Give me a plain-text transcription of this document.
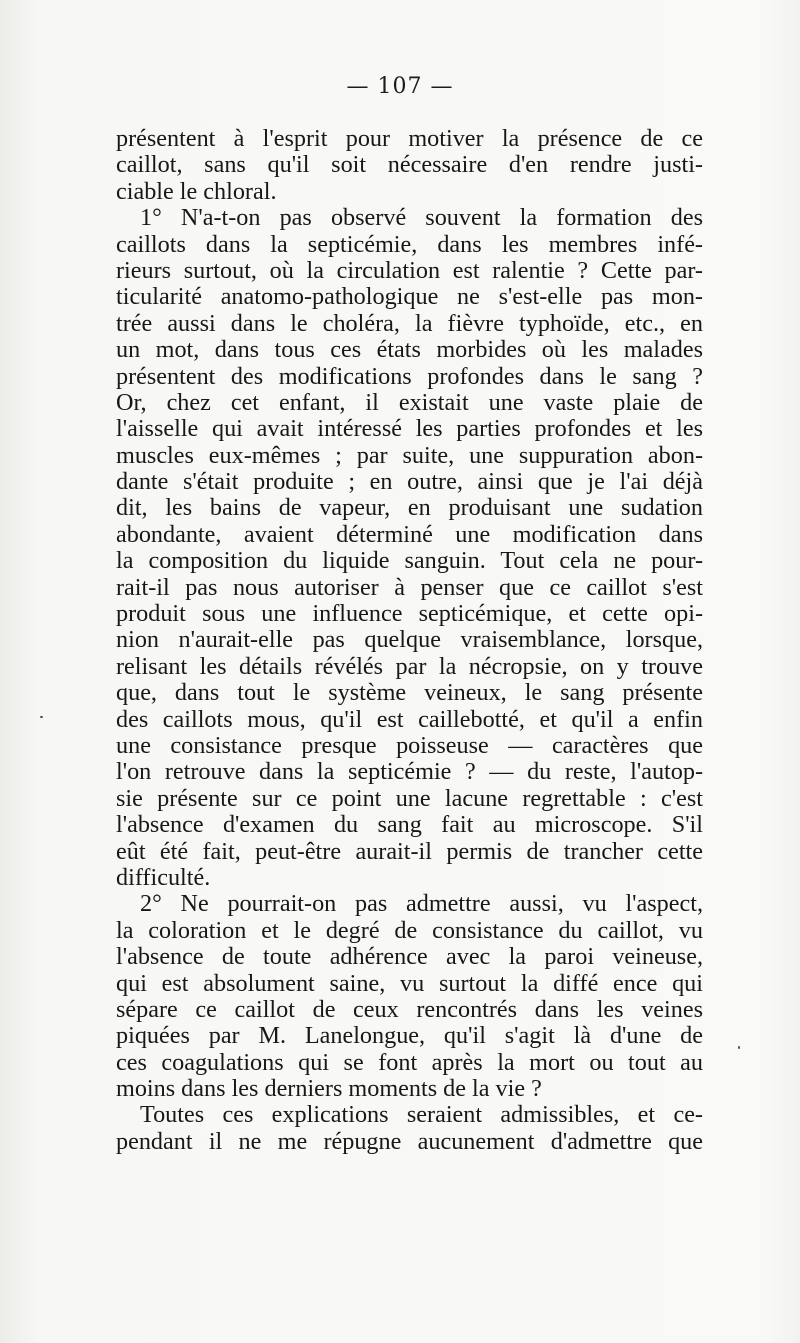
— 107 —
présentent à l'esprit pour motiver la présence de ce
caillot, sans qu'il soit nécessaire d'en rendre justi-
ciable le chloral.
1° N'a-t-on pas observé souvent la formation des
caillots dans la septicémie, dans les membres infé-
rieurs surtout, où la circulation est ralentie ? Cette par-
ticularité anatomo-pathologique ne s'est-elle pas mon-
trée aussi dans le choléra, la fièvre typhoïde, etc., en
un mot, dans tous ces états morbides où les malades
présentent des modifications profondes dans le sang ?
Or, chez cet enfant, il existait une vaste plaie de
l'aisselle qui avait intéressé les parties profondes et les
muscles eux-mêmes ; par suite, une suppuration abon-
dante s'était produite ; en outre, ainsi que je l'ai déjà
dit, les bains de vapeur, en produisant une sudation
abondante, avaient déterminé une modification dans
la composition du liquide sanguin. Tout cela ne pour-
rait-il pas nous autoriser à penser que ce caillot s'est
produit sous une influence septicémique, et cette opi-
nion n'aurait-elle pas quelque vraisemblance, lorsque,
relisant les détails révélés par la nécropsie, on y trouve
que, dans tout le système veineux, le sang présente
des caillots mous, qu'il est caillebotté, et qu'il a enfin
une consistance presque poisseuse — caractères que
l'on retrouve dans la septicémie ? — du reste, l'autop-
sie présente sur ce point une lacune regrettable : c'est
l'absence d'examen du sang fait au microscope. S'il
eût été fait, peut-être aurait-il permis de trancher cette
difficulté.
2° Ne pourrait-on pas admettre aussi, vu l'aspect,
la coloration et le degré de consistance du caillot, vu
l'absence de toute adhérence avec la paroi veineuse,
qui est absolument saine, vu surtout la diffé ence qui
sépare ce caillot de ceux rencontrés dans les veines
piquées par M. Lanelongue, qu'il s'agit là d'une de
ces coagulations qui se font après la mort ou tout au
moins dans les derniers moments de la vie ?
Toutes ces explications seraient admissibles, et ce-
pendant il ne me répugne aucunement d'admettre que
